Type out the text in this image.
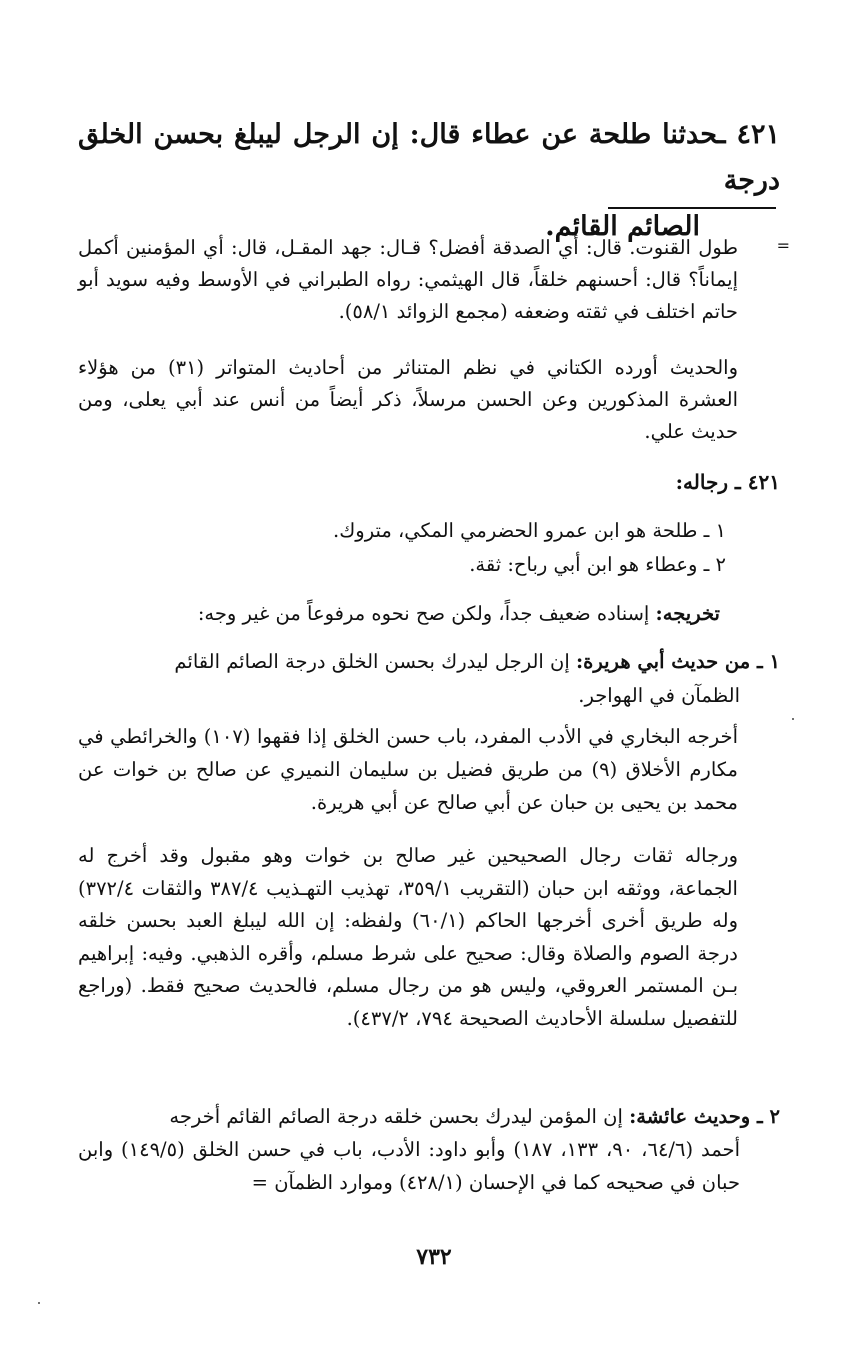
٤٢١ ـحدثنا طلحة عن عطاء قال: إن الرجل ليبلغ بحسن الخلق درجة
الصائم القائم.
=
طول القنوت. قال: أي الصدقة أفضل؟ قـال: جهد المقـل، قال: أي المؤمنين أكمل إيماناً؟ قال: أحسنهم خلقاً، قال الهيثمي: رواه الطبراني في الأوسط وفيه سويد أبو حاتم اختلف في ثقته وضعفه (مجمع الزوائد ٥٨/١).
والحديث أورده الكتاني في نظم المتناثر من أحاديث المتواتر (٣١) من هؤلاء العشرة المذكورين وعن الحسن مرسلاً، ذكر أيضاً من أنس عند أبي يعلى، ومن حديث علي.
٤٢١ ـ رجاله:
١ ـ طلحة هو ابن عمرو الحضرمي المكي، متروك.
٢ ـ وعطاء هو ابن أبي رباح: ثقة.
تخريجه: إسناده ضعيف جداً، ولكن صح نحوه مرفوعاً من غير وجه:
١ ـ من حديث أبي هريرة: إن الرجل ليدرك بحسن الخلق درجة الصائم القائم
الظمآن في الهواجر.
أخرجه البخاري في الأدب المفرد، باب حسن الخلق إذا فقهوا (١٠٧) والخرائطي في مكارم الأخلاق (٩) من طريق فضيل بن سليمان النميري عن صالح بن خوات عن محمد بن يحيى بن حبان عن أبي صالح عن أبي هريرة.
ورجاله ثقات رجال الصحيحين غير صالح بن خوات وهو مقبول وقد أخرج له الجماعة، ووثقه ابن حبان (التقريب ٣٥٩/١، تهذيب التهـذيب ٣٨٧/٤ والثقات ٣٧٢/٤) وله طريق أخرى أخرجها الحاكم (٦٠/١) ولفظه: إن الله ليبلغ العبد بحسن خلقه درجة الصوم والصلاة وقال: صحيح على شرط مسلم، وأقره الذهبي. وفيه: إبراهيم بـن المستمر العروقي، وليس هو من رجال مسلم، فالحديث صحيح فقط. (وراجع للتفصيل سلسلة الأحاديث الصحيحة ٧٩٤، ٤٣٧/٢).
٢ ـ وحديث عائشة: إن المؤمن ليدرك بحسن خلقه درجة الصائم القائم أخرجه
أحمد (٦٤/٦، ٩٠، ١٣٣، ١٨٧) وأبو داود: الأدب، باب في حسن الخلق (١٤٩/٥) وابن حبان في صحيحه كما في الإحسان (٤٢٨/١) وموارد الظمآن =
٧٣٢
